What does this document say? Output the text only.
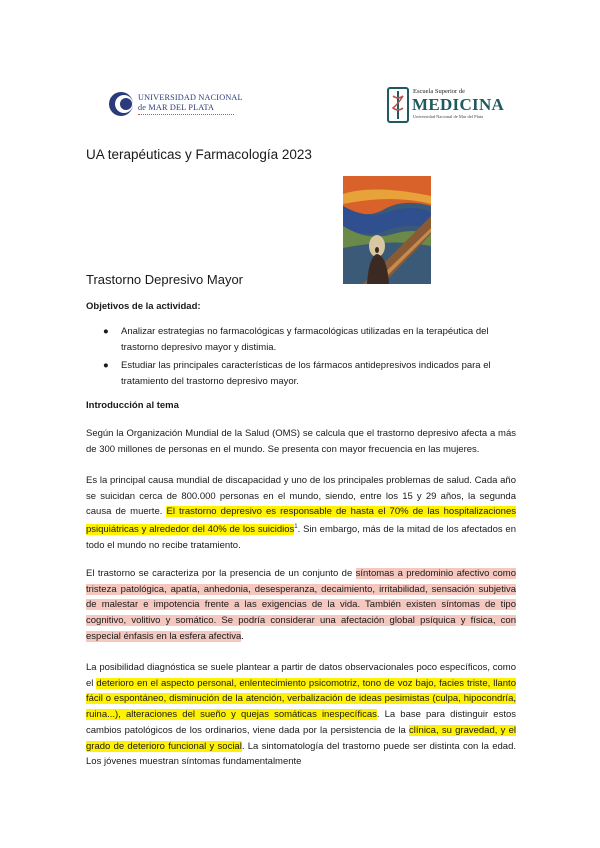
UNIVERSIDAD NACIONAL
de MAR DEL PLATA
Escuela Superior de
MEDICINA
Universidad Nacional de Mar del Plata
UA terapéuticas y Farmacología 2023
Trastorno Depresivo Mayor

Objetivos de la actividad:

● Analizar estrategias no farmacológicas y farmacológicas utilizadas en la terapéutica del trastorno depresivo mayor y distimia.
● Estudiar las principales características de los fármacos antidepresivos indicados para el tratamiento del trastorno depresivo mayor.

Introducción al tema

Según la Organización Mundial de la Salud (OMS) se calcula que el trastorno depresivo afecta a más de 300 millones de personas en el mundo. Se presenta con mayor frecuencia en las mujeres.

Es la principal causa mundial de discapacidad y uno de los principales problemas de salud. Cada año se suicidan cerca de 800.000 personas en el mundo, siendo, entre los 15 y 29 años, la segunda causa de muerte. El trastorno depresivo es responsable de hasta el 70% de las hospitalizaciones psiquiátricas y alrededor del 40% de los suicidios$^1$. Sin embargo, más de la mitad de los afectados en todo el mundo no recibe tratamiento.

El trastorno se caracteriza por la presencia de un conjunto de síntomas a predominio afectivo como tristeza patológica, apatía, anhedonia, desesperanza, decaimiento, irritabilidad, sensación subjetiva de malestar e impotencia frente a las exigencias de la vida. También existen síntomas de tipo cognitivo, volitivo y somático. Se podría considerar una afectación global psíquica y física, con especial énfasis en la esfera afectiva.

La posibilidad diagnóstica se suele plantear a partir de datos observacionales poco específicos, como el deterioro en el aspecto personal, enlentecimiento psicomotriz, tono de voz bajo, facies triste, llanto fácil o espontáneo, disminución de la atención, verbalización de ideas pesimistas (culpa, hipocondría, ruina...), alteraciones del sueño y quejas somáticas inespecíficas. La base para distinguir estos cambios patológicos de los ordinarios, viene dada por la persistencia de la clínica, su gravedad, y el grado de deterioro funcional y social. La sintomatología del trastorno puede ser distinta con la edad. Los jóvenes muestran síntomas fundamentalmente
